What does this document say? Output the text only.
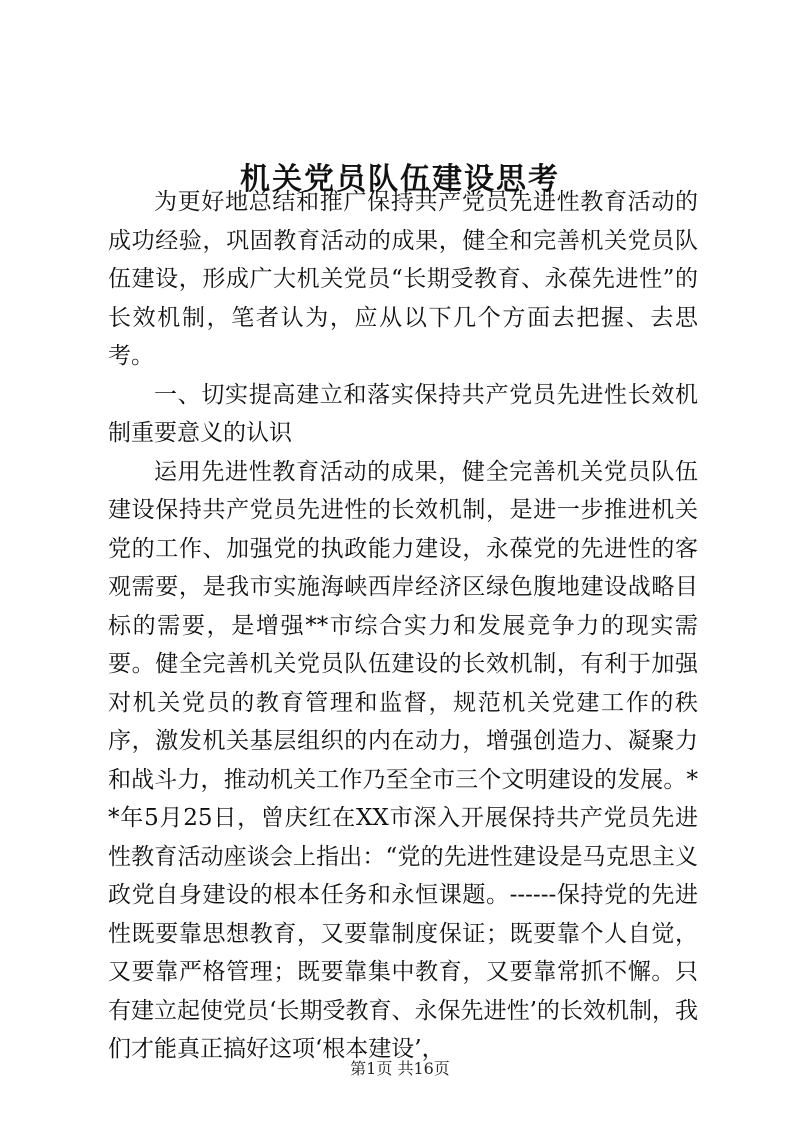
机关党员队伍建设思考

为更好地总结和推广保持共产党员先进性教育活动的成功经验，巩固教育活动的成果，健全和完善机关党员队伍建设，形成广大机关党员“长期受教育、永葆先进性”的长效机制，笔者认为，应从以下几个方面去把握、去思考。

一、切实提高建立和落实保持共产党员先进性长效机制重要意义的认识

运用先进性教育活动的成果，健全完善机关党员队伍建设保持共产党员先进性的长效机制，是进一步推进机关党的工作、加强党的执政能力建设，永葆党的先进性的客观需要，是我市实施海峡西岸经济区绿色腹地建设战略目标的需要，是增强**市综合实力和发展竞争力的现实需要。健全完善机关党员队伍建设的长效机制，有利于加强对机关党员的教育管理和监督，规范机关党建工作的秩序，激发机关基层组织的内在动力，增强创造力、凝聚力和战斗力，推动机关工作乃至全市三个文明建设的发展。**年5月25日，曾庆红在XX市深入开展保持共产党员先进性教育活动座谈会上指出：“党的先进性建设是马克思主义政党自身建设的根本任务和永恒课题。------保持党的先进性既要靠思想教育，又要靠制度保证；既要靠个人自觉，又要靠严格管理；既要靠集中教育，又要靠常抓不懈。只有建立起使党员‘长期受教育、永保先进性’的长效机制，我们才能真正搞好这项‘根本建设’，

第1页 共16页
